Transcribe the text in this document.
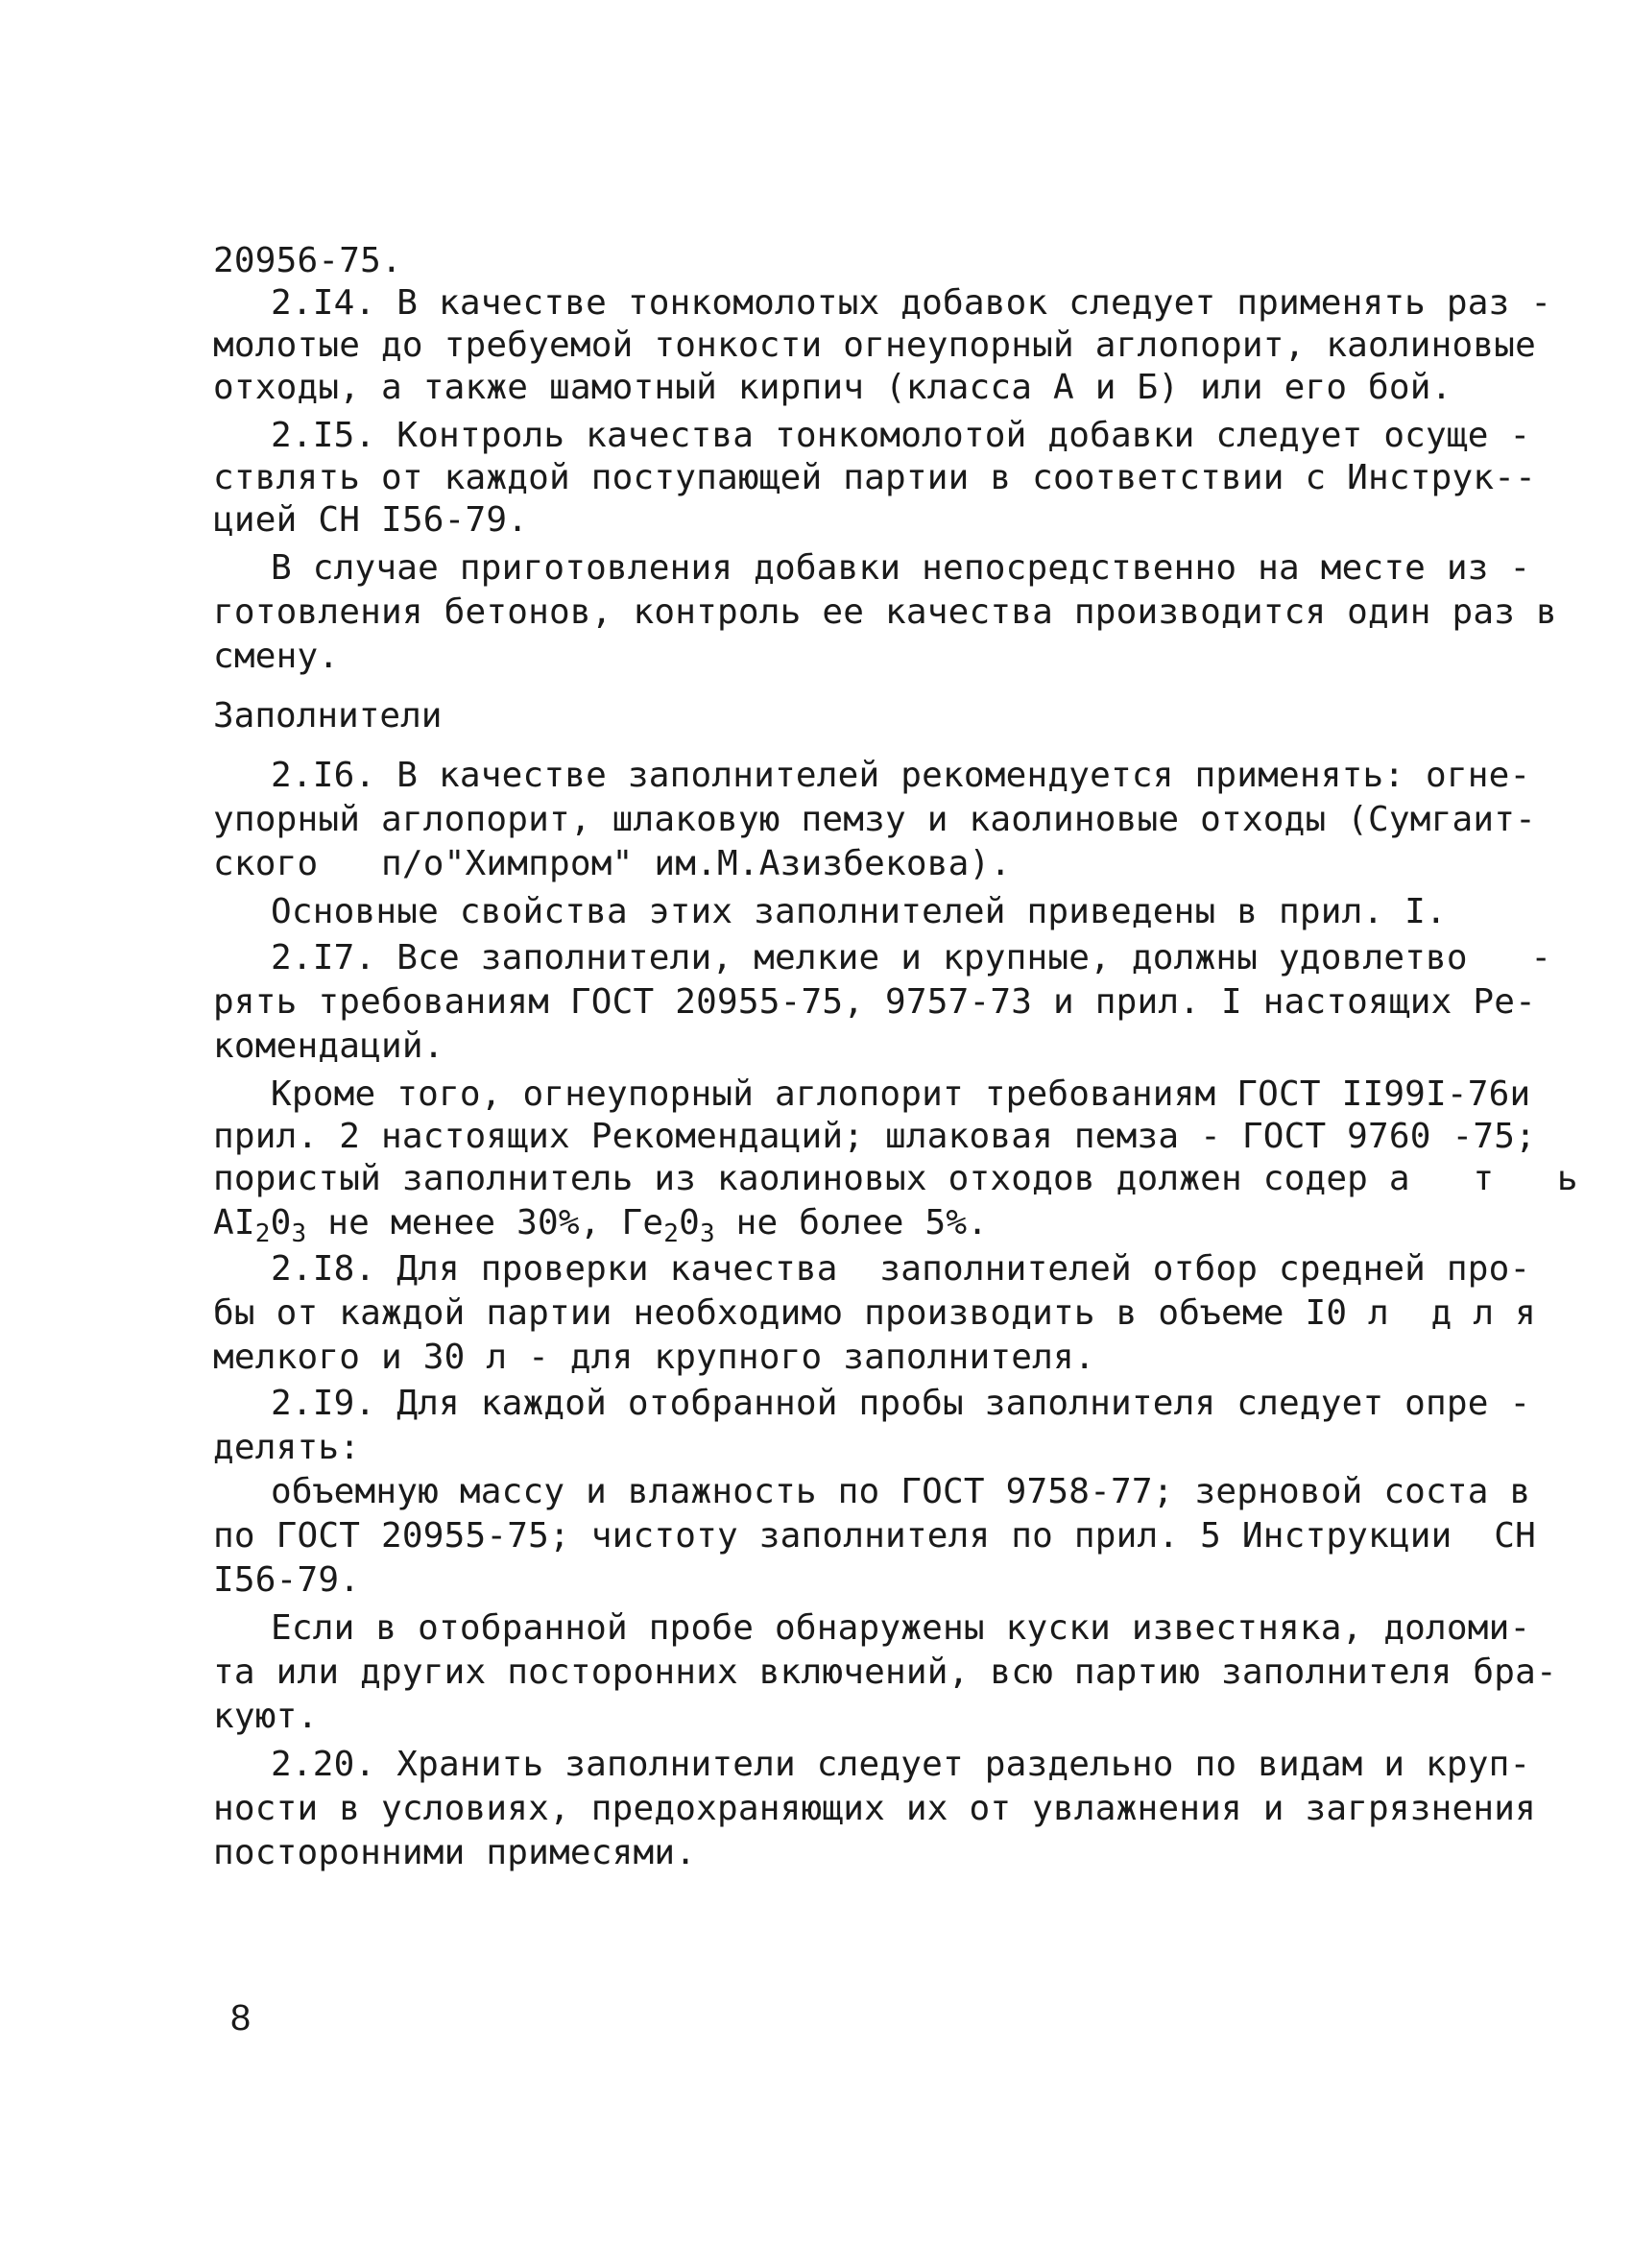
20956-75.
2.I4. В качестве тонкомолотых добавок следует применять раз -
молотые до требуемой тонкости огнеупорный аглопорит, каолиновые
отходы, а также шамотный кирпич (класса А и Б) или его бой.
2.I5. Контроль качества тонкомолотой добавки следует осуще -
ствлять от каждой поступающей партии в соответствии с Инструк--
цией СН I56-79.
В случае приготовления добавки непосредственно на месте из -
готовления бетонов, контроль ее качества производится один раз в
смену.
Заполнители
2.I6. В качестве заполнителей рекомендуется применять: огне-
упорный аглопорит, шлаковую пемзу и каолиновые отходы (Сумгаит-
ского   п/о"Химпром" им.М.Азизбекова).
Основные свойства этих заполнителей приведены в прил. I.
2.I7. Все заполнители, мелкие и крупные, должны удовлетво   -
рять требованиям ГОСТ 20955-75, 9757-73 и прил. I настоящих Ре-
комендаций.
Кроме того, огнеупорный аглопорит требованиям ГОСТ II99I-76и
прил. 2 настоящих Рекомендаций; шлаковая пемза - ГОСТ 9760 -75;
пористый заполнитель из каолиновых отходов должен содер а   т   ь
$AI_20_3$ не менее 30%, $Ге_20_3$ не более 5%.
2.I8. Для проверки качества  заполнителей отбор средней про-
бы от каждой партии необходимо производить в объеме I0 л  д л я
мелкого и 30 л - для крупного заполнителя.
2.I9. Для каждой отобранной пробы заполнителя следует опре -
делять:
объемную массу и влажность по ГОСТ 9758-77; зерновой соста в
по ГОСТ 20955-75; чистоту заполнителя по прил. 5 Инструкции  СН
I56-79.
Если в отобранной пробе обнаружены куски известняка, доломи-
та или других посторонних включений, всю партию заполнителя бра-
куют.
2.20. Хранить заполнители следует раздельно по видам и круп-
ности в условиях, предохраняющих их от увлажнения и загрязнения
посторонними примесями.
8
